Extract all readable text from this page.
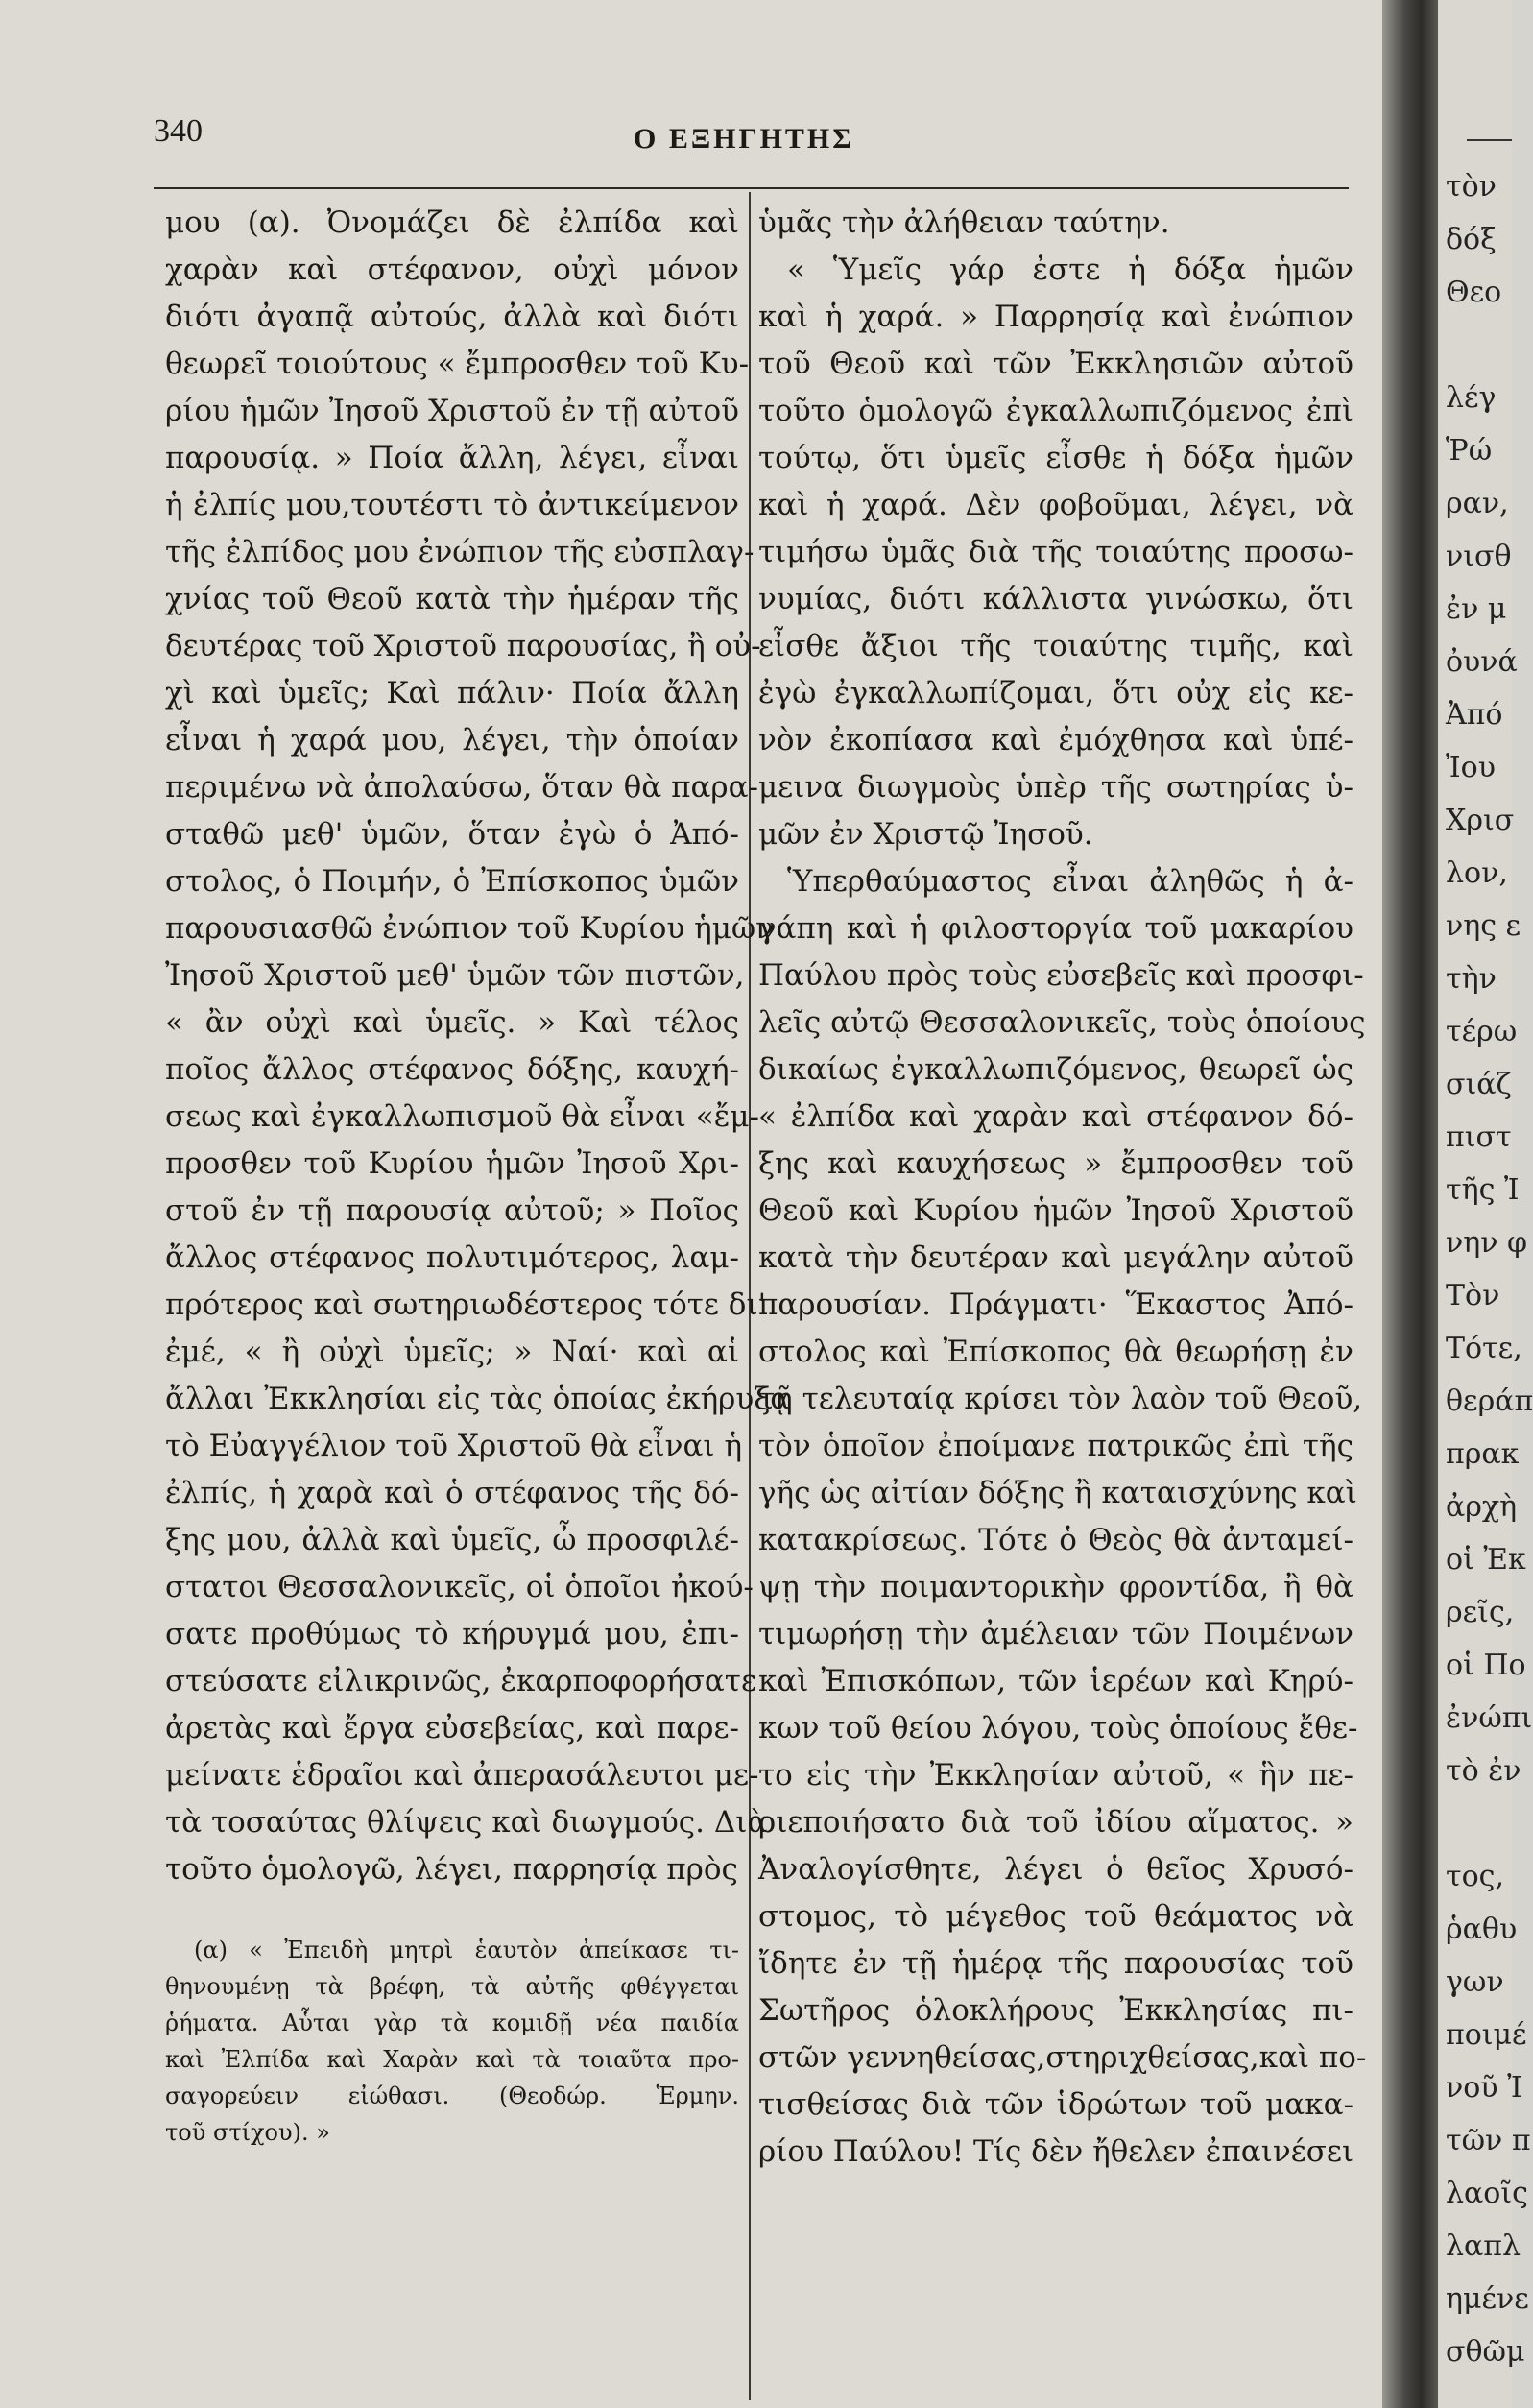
340	Ο ΕΞΗΓΗΤΗΣ
μου (α). Ὀνομάζει δὲ ἐλπίδα καὶ
χαρὰν καὶ στέφανον, οὐχὶ μόνον
διότι ἀγαπᾷ αὐτούς, ἀλλὰ καὶ διότι
θεωρεῖ τοιούτους « ἔμπροσθεν τοῦ Κυ-
ρίου ἡμῶν Ἰησοῦ Χριστοῦ ἐν τῇ αὐτοῦ
παρουσίᾳ. » Ποία ἄλλη, λέγει, εἶναι
ἡ ἐλπίς μου,τουτέστι τὸ ἀντικείμενον
τῆς ἐλπίδος μου ἐνώπιον τῆς εὐσπλαγ-
χνίας τοῦ Θεοῦ κατὰ τὴν ἡμέραν τῆς
δευτέρας τοῦ Χριστοῦ παρουσίας, ἢ οὐ-
χὶ καὶ ὑμεῖς; Καὶ πάλιν· Ποία ἄλλη
εἶναι ἡ χαρά μου, λέγει, τὴν ὁποίαν
περιμένω νὰ ἀπολαύσω, ὅταν θὰ παρα-
σταθῶ μεθ' ὑμῶν, ὅταν ἐγὼ ὁ Ἀπό-
στολος, ὁ Ποιμήν, ὁ Ἐπίσκοπος ὑμῶν
παρουσιασθῶ ἐνώπιον τοῦ Κυρίου ἡμῶν
Ἰησοῦ Χριστοῦ μεθ' ὑμῶν τῶν πιστῶν,
« ἂν οὐχὶ καὶ ὑμεῖς. » Καὶ τέλος
ποῖος ἄλλος στέφανος δόξης, καυχή-
σεως καὶ ἐγκαλλωπισμοῦ θὰ εἶναι «ἔμ-
προσθεν τοῦ Κυρίου ἡμῶν Ἰησοῦ Χρι-
στοῦ ἐν τῇ παρουσίᾳ αὐτοῦ; » Ποῖος
ἄλλος στέφανος πολυτιμότερος, λαμ-
πρότερος καὶ σωτηριωδέστερος τότε δι'
ἐμέ, « ἢ οὐχὶ ὑμεῖς; » Ναί· καὶ αἱ
ἄλλαι Ἐκκλησίαι εἰς τὰς ὁποίας ἐκήρυξα
τὸ Εὐαγγέλιον τοῦ Χριστοῦ θὰ εἶναι ἡ
ἐλπίς, ἡ χαρὰ καὶ ὁ στέφανος τῆς δό-
ξης μου, ἀλλὰ καὶ ὑμεῖς, ὦ προσφιλέ-
στατοι Θεσσαλονικεῖς, οἱ ὁποῖοι ἠκού-
σατε προθύμως τὸ κήρυγμά μου, ἐπι-
στεύσατε εἰλικρινῶς, ἐκαρποφορήσατε
ἀρετὰς καὶ ἔργα εὐσεβείας, καὶ παρε-
μείνατε ἑδραῖοι καὶ ἀπερασάλευτοι με-
τὰ τοσαύτας θλίψεις καὶ διωγμούς. Διὰ
τοῦτο ὁμολογῶ, λέγει, παρρησίᾳ πρὸς
ὑμᾶς τὴν ἀλήθειαν ταύτην.
« Ὑμεῖς γάρ ἐστε ἡ δόξα ἡμῶν
καὶ ἡ χαρά. » Παρρησίᾳ καὶ ἐνώπιον
τοῦ Θεοῦ καὶ τῶν Ἐκκλησιῶν αὐτοῦ
τοῦτο ὁμολογῶ ἐγκαλλωπιζόμενος ἐπὶ
τούτῳ, ὅτι ὑμεῖς εἶσθε ἡ δόξα ἡμῶν
καὶ ἡ χαρά. Δὲν φοβοῦμαι, λέγει, νὰ
τιμήσω ὑμᾶς διὰ τῆς τοιαύτης προσω-
νυμίας, διότι κάλλιστα γινώσκω, ὅτι
εἶσθε ἄξιοι τῆς τοιαύτης τιμῆς, καὶ
ἐγὼ ἐγκαλλωπίζομαι, ὅτι οὐχ εἰς κε-
νὸν ἐκοπίασα καὶ ἐμόχθησα καὶ ὑπέ-
μεινα διωγμοὺς ὑπὲρ τῆς σωτηρίας ὑ-
μῶν ἐν Χριστῷ Ἰησοῦ.
Ὑπερθαύμαστος εἶναι ἀληθῶς ἡ ἀ-
γάπη καὶ ἡ φιλοστοργία τοῦ μακαρίου
Παύλου πρὸς τοὺς εὐσεβεῖς καὶ προσφι-
λεῖς αὐτῷ Θεσσαλονικεῖς, τοὺς ὁποίους
δικαίως ἐγκαλλωπιζόμενος, θεωρεῖ ὡς
« ἐλπίδα καὶ χαρὰν καὶ στέφανον δό-
ξης καὶ καυχήσεως » ἔμπροσθεν τοῦ
Θεοῦ καὶ Κυρίου ἡμῶν Ἰησοῦ Χριστοῦ
κατὰ τὴν δευτέραν καὶ μεγάλην αὐτοῦ
παρουσίαν. Πράγματι· Ἕκαστος Ἀπό-
στολος καὶ Ἐπίσκοπος θὰ θεωρήσῃ ἐν
τῇ τελευταίᾳ κρίσει τὸν λαὸν τοῦ Θεοῦ,
τὸν ὁποῖον ἐποίμανε πατρικῶς ἐπὶ τῆς
γῆς ὡς αἰτίαν δόξης ἢ καταισχύνης καὶ
κατακρίσεως. Τότε ὁ Θεὸς θὰ ἀνταμεί-
ψῃ τὴν ποιμαντορικὴν φροντίδα, ἢ θὰ
τιμωρήσῃ τὴν ἀμέλειαν τῶν Ποιμένων
καὶ Ἐπισκόπων, τῶν ἱερέων καὶ Κηρύ-
κων τοῦ θείου λόγου, τοὺς ὁποίους ἔθε-
το εἰς τὴν Ἐκκλησίαν αὐτοῦ, « ἣν πε-
ριεποιήσατο διὰ τοῦ ἰδίου αἵματος. »
Ἀναλογίσθητε, λέγει ὁ θεῖος Χρυσό-
στομος, τὸ μέγεθος τοῦ θεάματος νὰ
ἴδητε ἐν τῇ ἡμέρᾳ τῆς παρουσίας τοῦ
Σωτῆρος ὁλοκλήρους Ἐκκλησίας πι-
στῶν γεννηθείσας,στηριχθείσας,καὶ πο-
τισθείσας διὰ τῶν ἱδρώτων τοῦ μακα-
ρίου Παύλου! Τίς δὲν ἤθελεν ἐπαινέσει
(α) « Ἐπειδὴ μητρὶ ἑαυτὸν ἀπείκασε τι-
θηνουμένῃ τὰ βρέφη, τὰ αὐτῆς φθέγγεται
ῥήματα. Αὗται γὰρ τὰ κομιδῇ νέα παιδία
καὶ Ἐλπίδα καὶ Χαρὰν καὶ τὰ τοιαῦτα προ-
σαγορεύειν εἰώθασι. (Θεοδώρ. Ἑρμην.
τοῦ στίχου). »
τὸν
δόξ
Θεο
λέγ
Ῥώ
ραν,
νισθ
ἐν μ
ὀυνά
Ἀπό
Ἰου
Χρισ
λον,
νης ε
τὴν
τέρω
σιάζ
πιστ
τῆς Ἰ
νην φ
Τὸν
Τότε,
θεράπ
πρακ
ἀρχὴ
οἱ Ἐκ
ρεῖς,
οἱ Πο
ἐνώπι
τὸ ἐν
τος,
ῥαθυ
γων
ποιμέ
νοῦ Ἰ
τῶν π
λαοῖς
λαπλ
ημένε
σθῶμ
